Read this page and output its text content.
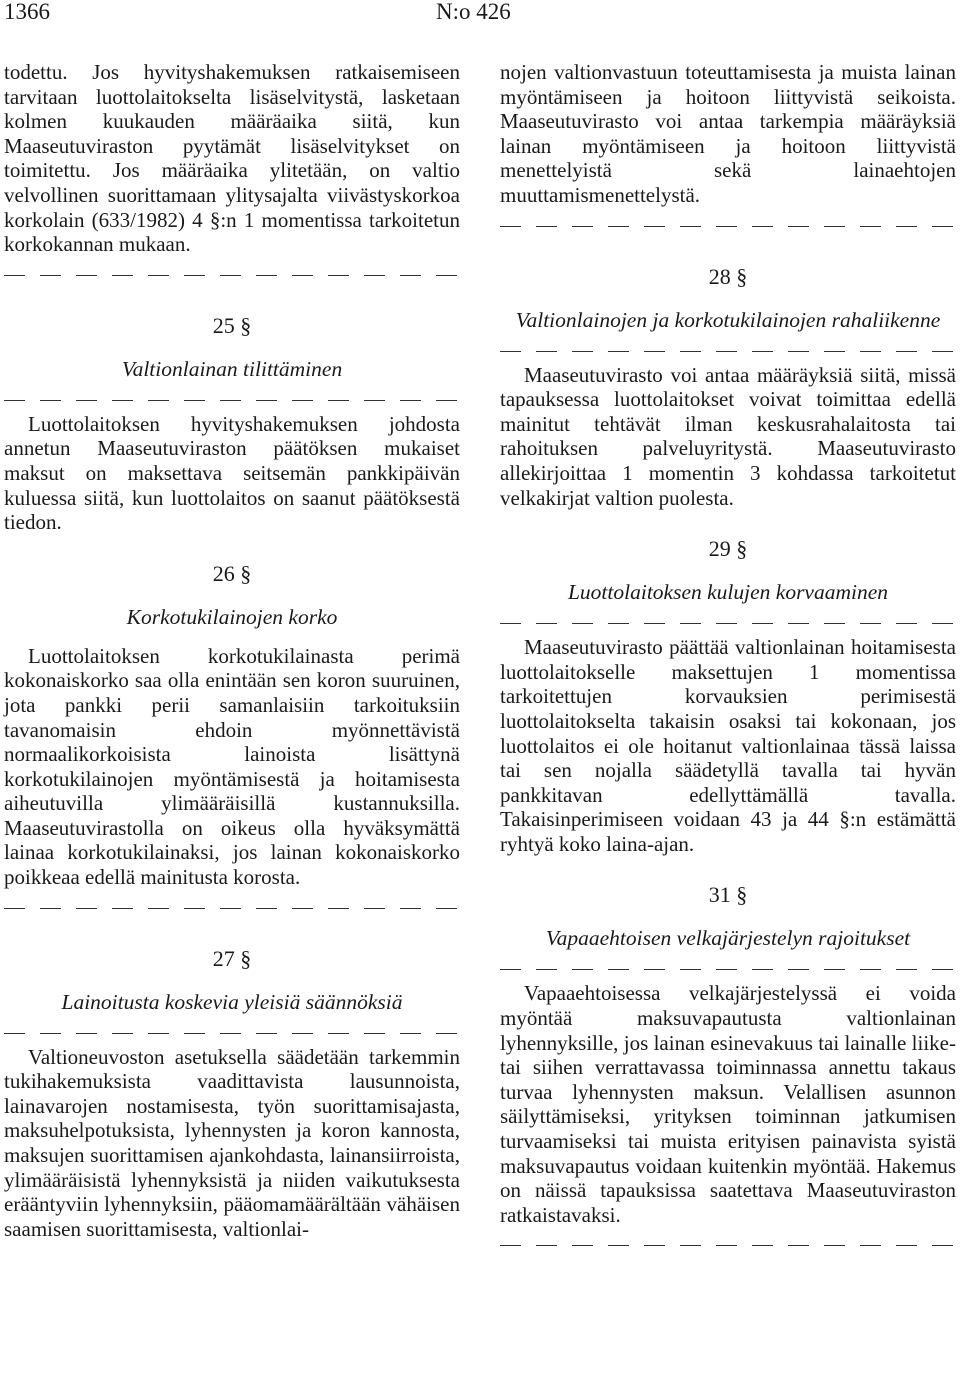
1366	N:o 426

todettu. Jos hyvityshakemuksen ratkaisemiseen tarvitaan luottolaitokselta lisäselvitystä, lasketaan kolmen kuukauden määräaika siitä, kun Maaseutuviraston pyytämät lisäselvitykset on toimitettu. Jos määräaika ylitetään, on valtio velvollinen suorittamaan ylitysajalta viivästyskorkoa korkolain (633/1982) 4 §:n 1 momentissa tarkoitetun korkokannan mukaan.

25 §
Valtionlainan tilittäminen

Luottolaitoksen hyvityshakemuksen johdosta annetun Maaseutuviraston päätöksen mukaiset maksut on maksettava seitsemän pankkipäivän kuluessa siitä, kun luottolaitos on saanut päätöksestä tiedon.

26 §
Korkotukilainojen korko

Luottolaitoksen korkotukilainasta perimä kokonaiskorko saa olla enintään sen koron suuruinen, jota pankki perii samanlaisiin tarkoituksiin tavanomaisin ehdoin myönnettävistä normaalikorkoisista lainoista lisättynä korkotukilainojen myöntämisestä ja hoitamisesta aiheutuvilla ylimääräisillä kustannuksilla. Maaseutuvirastolla on oikeus olla hyväksymättä lainaa korkotukilainaksi, jos lainan kokonaiskorko poikkeaa edellä mainitusta korosta.

27 §
Lainoitusta koskevia yleisiä säännöksiä

Valtioneuvoston asetuksella säädetään tarkemmin tukihakemuksista vaadittavista lausunnoista, lainavarojen nostamisesta, työn suorittamisajasta, maksuhelpotuksista, lyhennysten ja koron kannosta, maksujen suorittamisen ajankohdasta, lainansiirroista, ylimääräisistä lyhennyksistä ja niiden vaikutuksesta erääntyviin lyhennyksiin, pääomamäärältään vähäisen saamisen suorittamisesta, valtionlai-

nojen valtionvastuun toteuttamisesta ja muista lainan myöntämiseen ja hoitoon liittyvistä seikoista. Maaseutuvirasto voi antaa tarkempia määräyksiä lainan myöntämiseen ja hoitoon liittyvistä menettelyistä sekä lainaehtojen muuttamismenettelystä.

28 §
Valtionlainojen ja korkotukilainojen rahaliikenne

Maaseutuvirasto voi antaa määräyksiä siitä, missä tapauksessa luottolaitokset voivat toimittaa edellä mainitut tehtävät ilman keskusrahalaitosta tai rahoituksen palveluyritystä. Maaseutuvirasto allekirjoittaa 1 momentin 3 kohdassa tarkoitetut velkakirjat valtion puolesta.

29 §
Luottolaitoksen kulujen korvaaminen

Maaseutuvirasto päättää valtionlainan hoitamisesta luottolaitokselle maksettujen 1 momentissa tarkoitettujen korvauksien perimisestä luottolaitokselta takaisin osaksi tai kokonaan, jos luottolaitos ei ole hoitanut valtionlainaa tässä laissa tai sen nojalla säädetyllä tavalla tai hyvän pankkitavan edellyttämällä tavalla. Takaisinperimiseen voidaan 43 ja 44 §:n estämättä ryhtyä koko laina-ajan.

31 §
Vapaaehtoisen velkajärjestelyn rajoitukset

Vapaaehtoisessa velkajärjestelyssä ei voida myöntää maksuvapautusta valtionlainan lyhennyksille, jos lainan esinevakuus tai lainalle liike- tai siihen verrattavassa toiminnassa annettu takaus turvaa lyhennysten maksun. Velallisen asunnon säilyttämiseksi, yrityksen toiminnan jatkumisen turvaamiseksi tai muista erityisen painavista syistä maksuvapautus voidaan kuitenkin myöntää. Hakemus on näissä tapauksissa saatettava Maaseutuviraston ratkaistavaksi.
